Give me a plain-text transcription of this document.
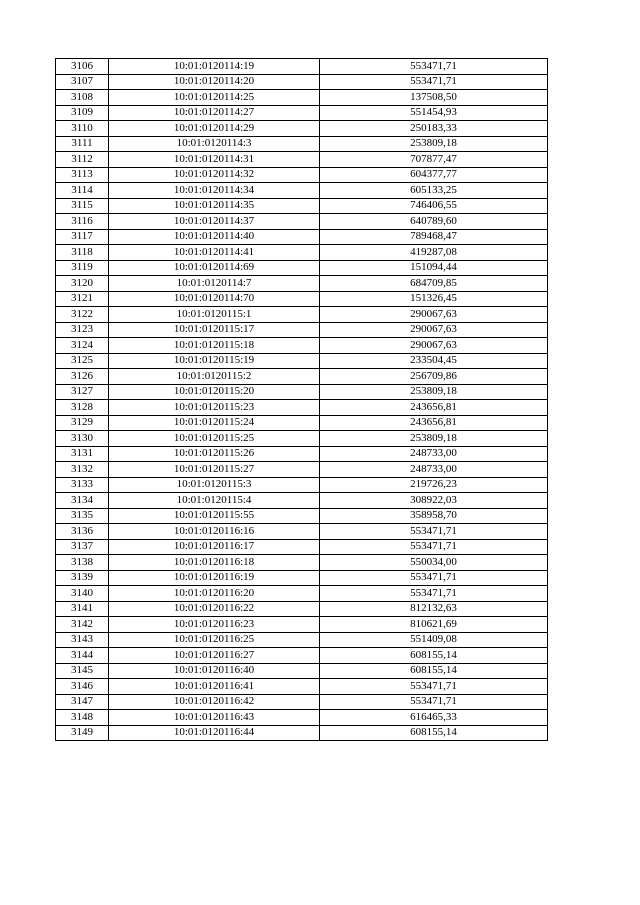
3106	10:01:0120114:19	553471,71
3107	10:01:0120114:20	553471,71
3108	10:01:0120114:25	137508,50
3109	10:01:0120114:27	551454,93
3110	10:01:0120114:29	250183,33
3111	10:01:0120114:3	253809,18
3112	10:01:0120114:31	707877,47
3113	10:01:0120114:32	604377,77
3114	10:01:0120114:34	605133,25
3115	10:01:0120114:35	746406,55
3116	10:01:0120114:37	640789,60
3117	10:01:0120114:40	789468,47
3118	10:01:0120114:41	419287,08
3119	10:01:0120114:69	151094,44
3120	10:01:0120114:7	684709,85
3121	10:01:0120114:70	151326,45
3122	10:01:0120115:1	290067,63
3123	10:01:0120115:17	290067,63
3124	10:01:0120115:18	290067,63
3125	10:01:0120115:19	233504,45
3126	10:01:0120115:2	256709,86
3127	10:01:0120115:20	253809,18
3128	10:01:0120115:23	243656,81
3129	10:01:0120115:24	243656,81
3130	10:01:0120115:25	253809,18
3131	10:01:0120115:26	248733,00
3132	10:01:0120115:27	248733,00
3133	10:01:0120115:3	219726,23
3134	10:01:0120115:4	308922,03
3135	10:01:0120115:55	358958,70
3136	10:01:0120116:16	553471,71
3137	10:01:0120116:17	553471,71
3138	10:01:0120116:18	550034,00
3139	10:01:0120116:19	553471,71
3140	10:01:0120116:20	553471,71
3141	10:01:0120116:22	812132,63
3142	10:01:0120116:23	810621,69
3143	10:01:0120116:25	551409,08
3144	10:01:0120116:27	608155,14
3145	10:01:0120116:40	608155,14
3146	10:01:0120116:41	553471,71
3147	10:01:0120116:42	553471,71
3148	10:01:0120116:43	616465,33
3149	10:01:0120116:44	608155,14
